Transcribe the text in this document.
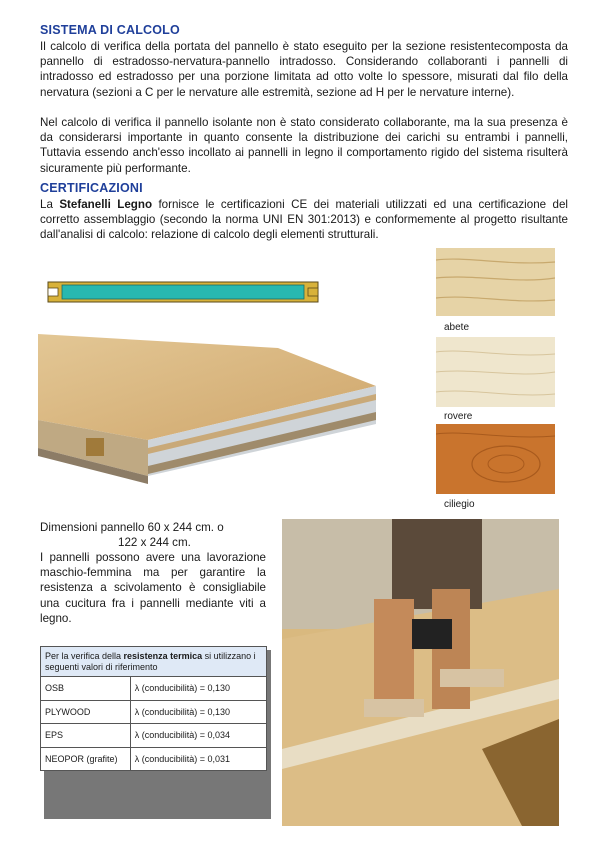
SISTEMA DI CALCOLO
Il calcolo di verifica della portata del pannello è stato eseguito per la sezione resistentecomposta da pannello di estradosso-nervatura-pannello intradosso. Considerando collaboranti i pannelli di intradosso ed estradosso per una porzione limitata ad otto volte lo spessore, misurati dal filo della nervatura (sezioni a C per le nervature alle estremità, sezione ad H per le nervature interne).
Nel calcolo di verifica il pannello isolante non è stato considerato collaborante, ma la sua presenza è da considerarsi importante in quanto consente la distribuzione dei carichi su entrambi i pannelli, Tuttavia essendo anch'esso incollato ai pannelli in legno il comportamento rigido del sistema risulterà sicuramente più performante.
CERTIFICAZIONI
La Stefanelli Legno fornisce le certificazioni CE dei materiali utilizzati ed una certificazione del corretto assemblaggio (secondo la norma UNI EN 301:2013) e conformemente al progetto risultante dall'analisi di calcolo: relazione di calcolo degli elementi strutturali.
abete
rovere
ciliegio
Dimensioni pannello 60 x 244 cm. o
122 x 244 cm.
I pannelli possono avere una lavorazione maschio-femmina ma per garantire la resistenza a scivolamento è consigliabile una cucitura fra i pannelli mediante viti a legno.
Per la verifica della resistenza termica si utilizzano i seguenti valori di riferimento	
OSB	λ (conducibilità) = 0,130
PLYWOOD	λ (conducibilità) = 0,130
EPS	λ (conducibilità) = 0,034
NEOPOR (grafite)	λ (conducibilità) = 0,031
